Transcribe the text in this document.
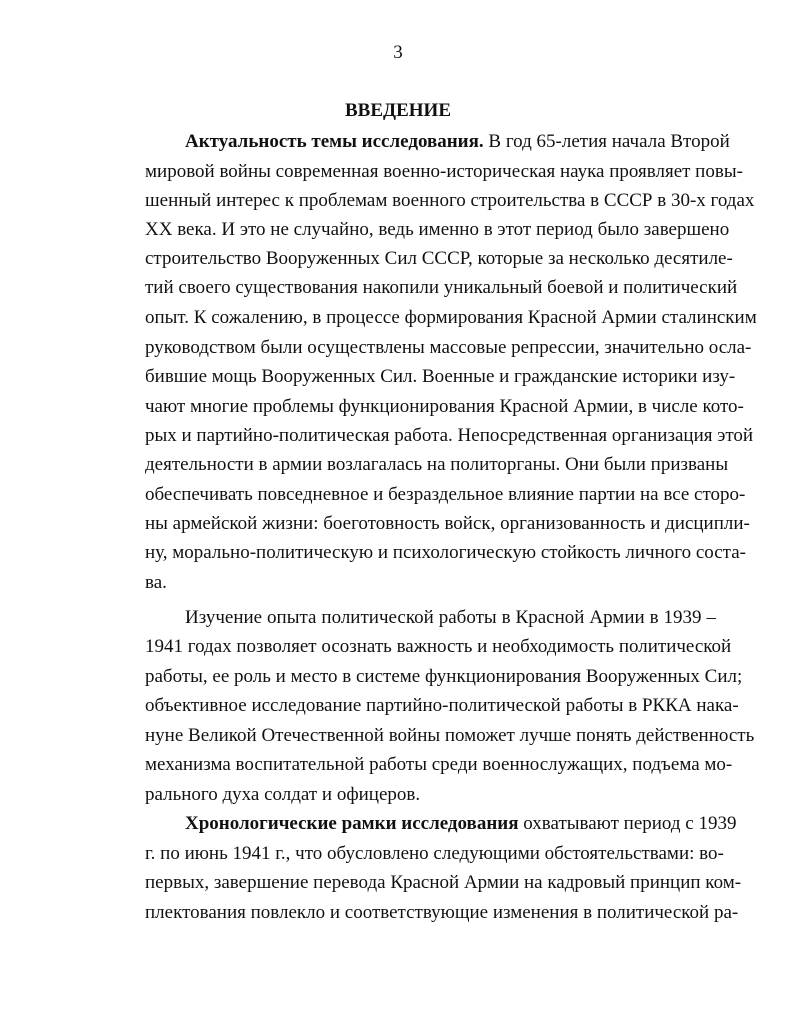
3
ВВЕДЕНИЕ
Актуальность темы исследования. В год 65-летия начала Второй
мировой войны современная военно-историческая наука проявляет повы-
шенный интерес к проблемам военного строительства в СССР в 30-х годах
XX века. И это не случайно, ведь именно в этот период было завершено
строительство Вооруженных Сил СССР, которые за несколько десятиле-
тий своего существования накопили уникальный боевой и политический
опыт. К сожалению, в процессе формирования Красной Армии сталинским
руководством были осуществлены массовые репрессии, значительно осла-
бившие мощь Вооруженных Сил. Военные и гражданские историки изу-
чают многие проблемы функционирования Красной Армии, в числе кото-
рых и партийно-политическая работа. Непосредственная организация этой
деятельности в армии возлагалась на политорганы. Они были призваны
обеспечивать повседневное и безраздельное влияние партии на все сторо-
ны армейской жизни: боеготовность войск, организованность и дисципли-
ну, морально-политическую и психологическую стойкость личного соста-
ва.
Изучение опыта политической работы в Красной Армии в 1939 –
1941 годах позволяет осознать важность и необходимость политической
работы, ее роль и место в системе функционирования Вооруженных Сил;
объективное исследование партийно-политической работы в РККА нака-
нуне Великой Отечественной войны поможет лучше понять действенность
механизма воспитательной работы среди военнослужащих, подъема мо-
рального духа солдат и офицеров.
Хронологические рамки исследования охватывают период с 1939
г. по июнь 1941 г., что обусловлено следующими обстоятельствами: во-
первых, завершение перевода Красной Армии на кадровый принцип ком-
плектования повлекло и соответствующие изменения в политической ра-
